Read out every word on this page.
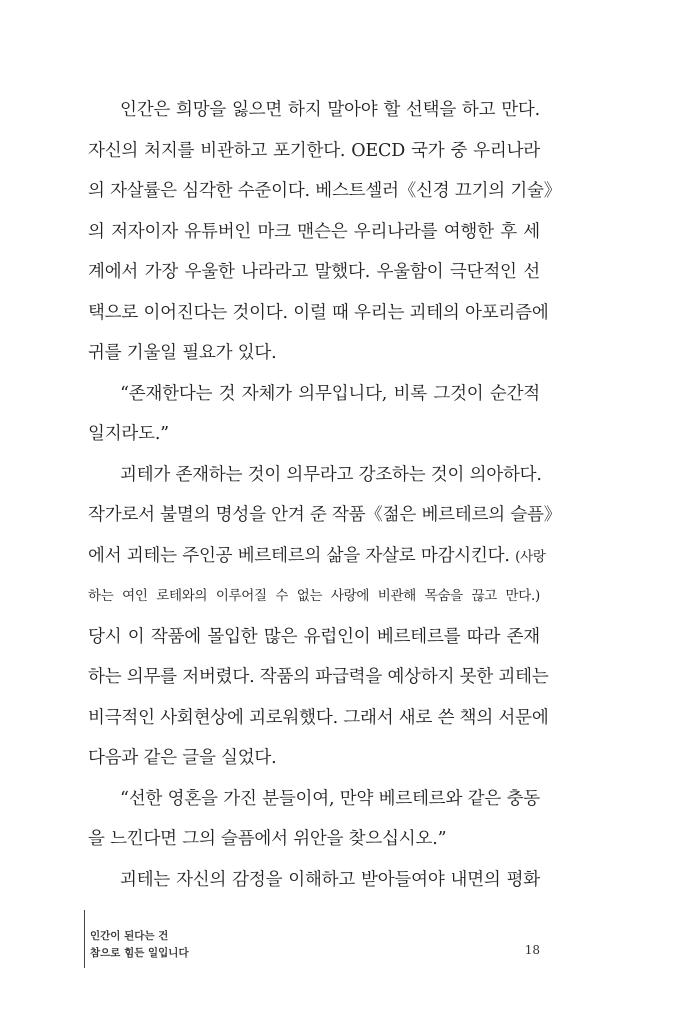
인간은 희망을 잃으면 하지 말아야 할 선택을 하고 만다.
자신의 처지를 비관하고 포기한다. OECD 국가 중 우리나라
의 자살률은 심각한 수준이다. 베스트셀러《신경 끄기의 기술》
의 저자이자 유튜버인 마크 맨슨은 우리나라를 여행한 후 세
계에서 가장 우울한 나라라고 말했다. 우울함이 극단적인 선
택으로 이어진다는 것이다. 이럴 때 우리는 괴테의 아포리즘에
귀를 기울일 필요가 있다.
“존재한다는 것 자체가 의무입니다, 비록 그것이 순간적
일지라도.”
괴테가 존재하는 것이 의무라고 강조하는 것이 의아하다.
작가로서 불멸의 명성을 안겨 준 작품《젊은 베르테르의 슬픔》
에서 괴테는 주인공 베르테르의 삶을 자살로 마감시킨다. (사랑
하는 여인 로테와의 이루어질 수 없는 사랑에 비관해 목숨을 끊고 만다.)
당시 이 작품에 몰입한 많은 유럽인이 베르테르를 따라 존재
하는 의무를 저버렸다. 작품의 파급력을 예상하지 못한 괴테는
비극적인 사회현상에 괴로워했다. 그래서 새로 쓴 책의 서문에
다음과 같은 글을 실었다.
“선한 영혼을 가진 분들이여, 만약 베르테르와 같은 충동
을 느낀다면 그의 슬픔에서 위안을 찾으십시오.”
괴테는 자신의 감정을 이해하고 받아들여야 내면의 평화
인간이 된다는 건
참으로 힘든 일입니다	18
